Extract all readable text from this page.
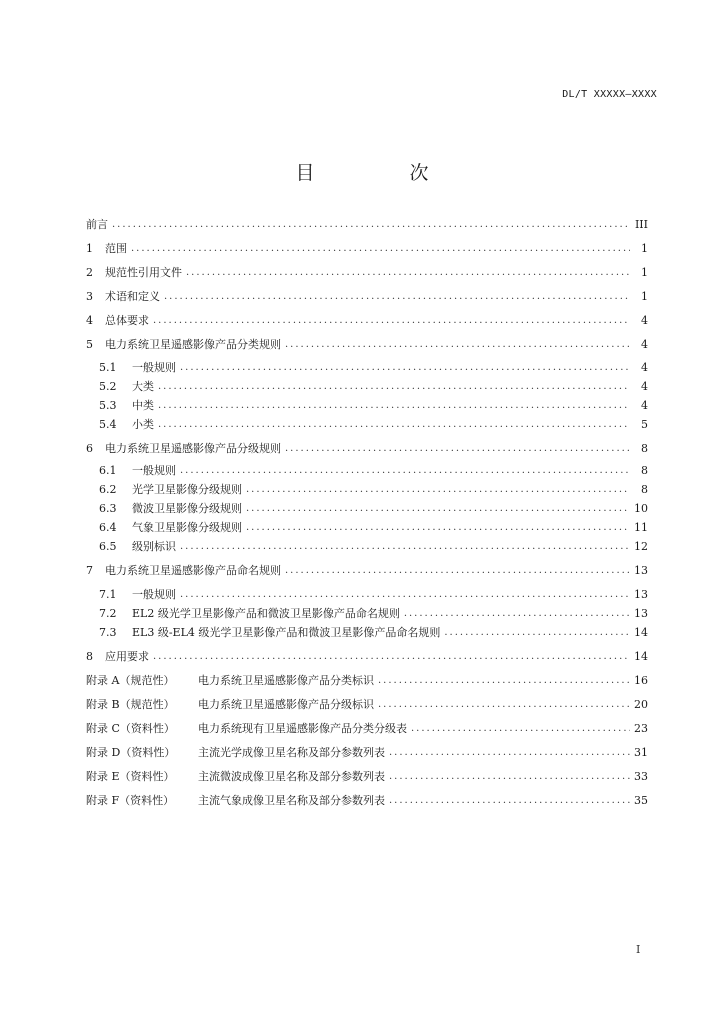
DL/T XXXXX—XXXX
目　次
前言 .....	III
1	范围 .....	1
2	规范性引用文件 .....	1
3	术语和定义 .....	1
4	总体要求 .....	4
5	电力系统卫星遥感影像产品分类规则 .....	4
5.1	一般规则 .....	4
5.2	大类 .....	4
5.3	中类 .....	4
5.4	小类 .....	5
6	电力系统卫星遥感影像产品分级规则 .....	8
6.1	一般规则 .....	8
6.2	光学卫星影像分级规则 .....	8
6.3	微波卫星影像分级规则 .....	10
6.4	气象卫星影像分级规则 .....	11
6.5	级别标识 .....	12
7	电力系统卫星遥感影像产品命名规则 .....	13
7.1	一般规则 .....	13
7.2	EL2 级光学卫星影像产品和微波卫星影像产品命名规则 .....	13
7.3	EL3 级-EL4 级光学卫星影像产品和微波卫星影像产品命名规则 .....	14
8	应用要求 .....	14
附录 A（规范性）	电力系统卫星遥感影像产品分类标识 .....	16
附录 B（规范性）	电力系统卫星遥感影像产品分级标识 .....	20
附录 C（资料性）	电力系统现有卫星遥感影像产品分类分级表 .....	23
附录 D（资料性）	主流光学成像卫星名称及部分参数列表 .....	31
附录 E（资料性）	主流微波成像卫星名称及部分参数列表 .....	33
附录 F（资料性）	主流气象成像卫星名称及部分参数列表 .....	35
I
